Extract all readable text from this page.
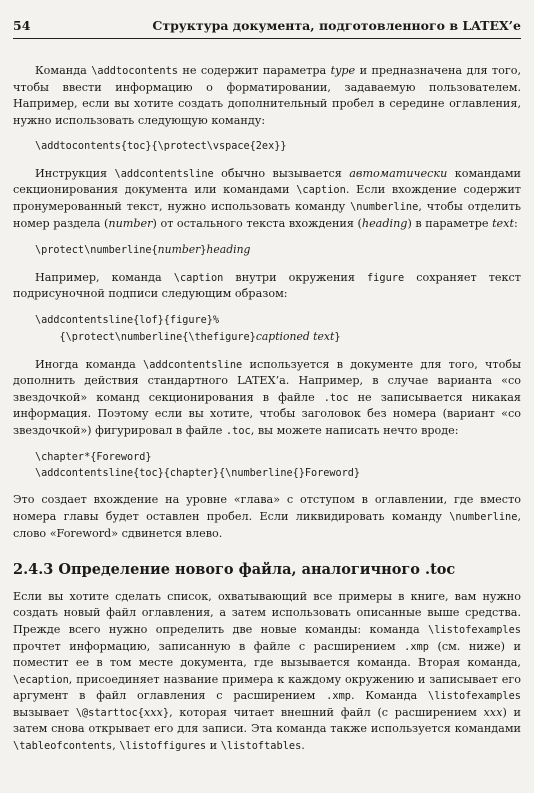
54	Структура документа, подготовленного в LATEX’е

Команда \addtocontents не содержит параметра type и предназначена для того, чтобы ввести информацию о форматировании, задаваемую пользователем. Например, если вы хотите создать дополнительный пробел в середине оглавления, нужно использовать следующую команду:

\addtocontents{toc}{\protect\vspace{2ex}}

Инструкция \addcontentsline обычно вызывается автоматически командами секционирования документа или командами \caption. Если вхождение содержит пронумерованный текст, нужно использовать команду \numberline, чтобы отделить номер раздела (number) от остального текста вхождения (heading) в параметре text:

\protect\numberline{number}heading

Например, команда \caption внутри окружения figure сохраняет текст подрисуночной подписи следующим образом:

\addcontentsline{lof}{figure}%
{\protect\numberline{\thefigure}captioned text}

Иногда команда \addcontentsline используется в документе для того, чтобы дополнить действия стандартного LATEX’а. Например, в случае варианта «со звездочкой» команд секционирования в файле .toc не записывается никакая информация. Поэтому если вы хотите, чтобы заголовок без номера (вариант «со звездочкой») фигурировал в файле .toc, вы можете написать нечто вроде:

\chapter*{Foreword}
\addcontentsline{toc}{chapter}{\numberline{}Foreword}

Это создает вхождение на уровне «глава» с отступом в оглавлении, где вместо номера главы будет оставлен пробел. Если ликвидировать команду \numberline, слово «Foreword» сдвинется влево.

2.4.3 Определение нового файла, аналогичного .toc

Если вы хотите сделать список, охватывающий все примеры в книге, вам нужно создать новый файл оглавления, а затем использовать описанные выше средства. Прежде всего нужно определить две новые команды: команда \listofexamples прочтет информацию, записанную в файле с расширением .xmp (см. ниже) и поместит ее в том месте документа, где вызывается команда. Вторая команда, \ecaption, присоединяет название примера к каждому окружению и записывает его аргумент в файл оглавления с расширением .xmp. Команда \listofexamples вызывает \@starttoc{xxx}, которая читает внешний файл (с расширением xxx) и затем снова открывает его для записи. Эта команда также используется командами \tableofcontents, \listoffigures и \listoftables.
